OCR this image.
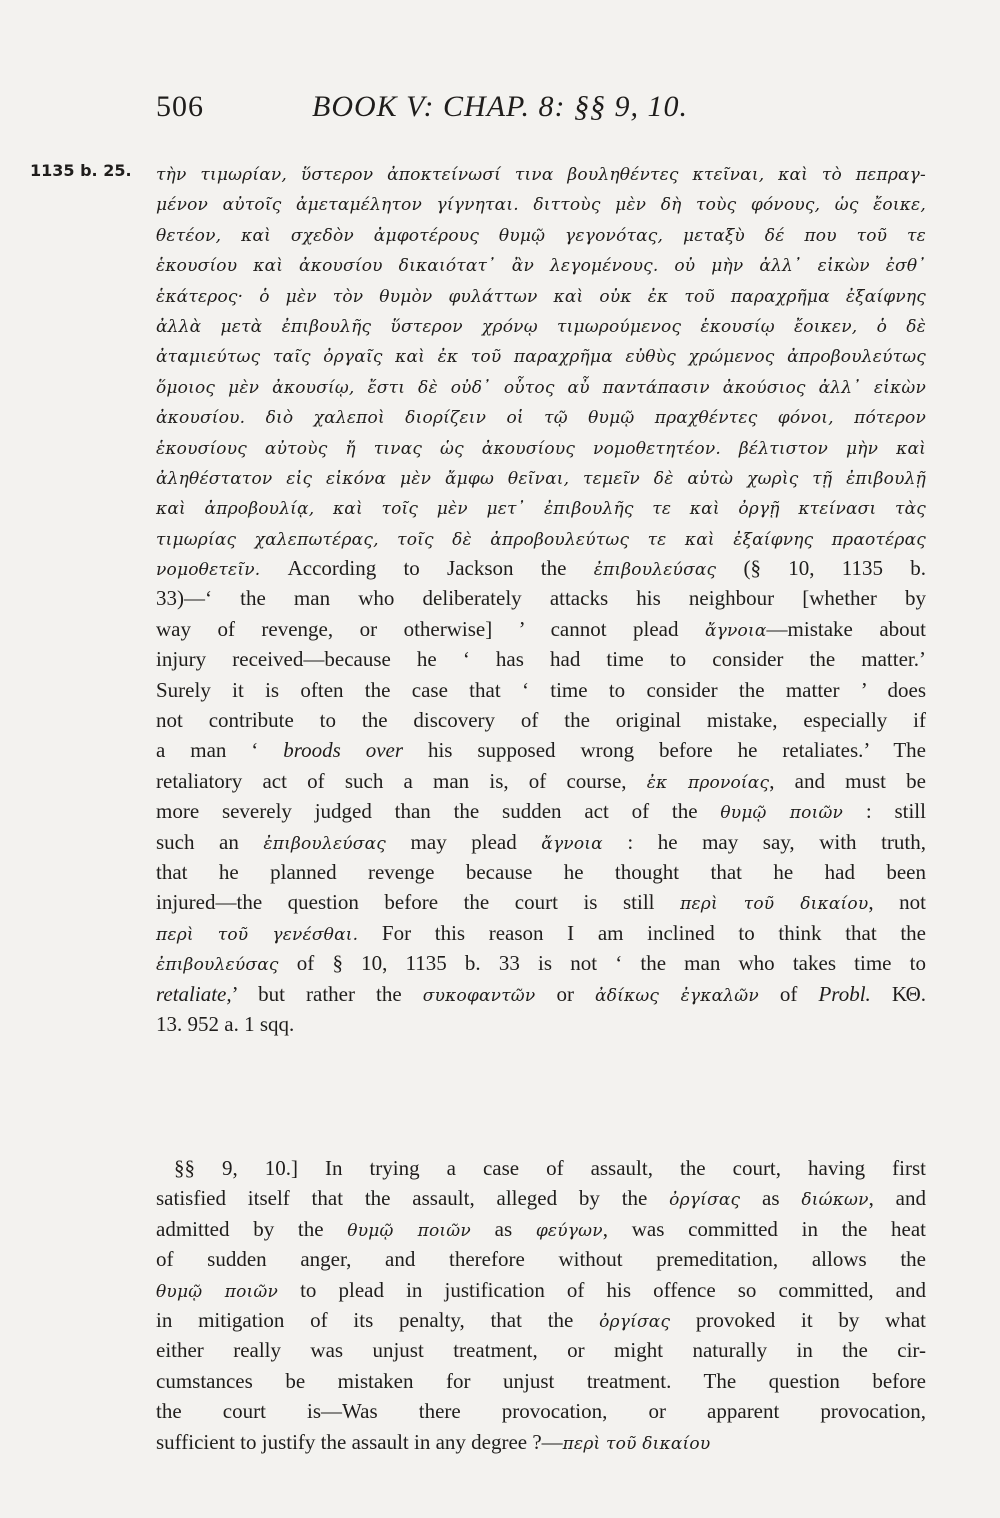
506	BOOK V: CHAP. 8: §§ 9, 10.
1135 b. 25. τὴν τιμωρίαν, ὕστερον ἀποκτείνωσί τινα βουληθέντες κτεῖναι, καὶ τὸ πεπραγ-
μένον αὐτοῖς ἀμεταμέλητον γίγνηται. διττοὺς μὲν δὴ τοὺς φόνους, ὡς ἔοικε,
θετέον, καὶ σχεδὸν ἀμφοτέρους θυμῷ γεγονότας, μεταξὺ δέ που τοῦ τε
ἑκουσίου καὶ ἀκουσίου δικαιότατ᾽ ἂν λεγομένους. οὐ μὴν ἀλλ᾽ εἰκὼν ἐσθ᾽
ἑκάτερος· ὁ μὲν τὸν θυμὸν φυλάττων καὶ οὐκ ἐκ τοῦ παραχρῆμα ἐξαίφνης
ἀλλὰ μετὰ ἐπιβουλῆς ὕστερον χρόνῳ τιμωρούμενος ἑκουσίῳ ἔοικεν, ὁ δὲ
ἀταμιεύτως ταῖς ὀργαῖς καὶ ἐκ τοῦ παραχρῆμα εὐθὺς χρώμενος ἀπροβουλεύτως
ὅμοιος μὲν ἀκουσίῳ, ἔστι δὲ οὐδ᾽ οὗτος αὖ παντάπασιν ἀκούσιος ἀλλ᾽ εἰκὼν
ἀκουσίου. διὸ χαλεποὶ διορίζειν οἱ τῷ θυμῷ πραχθέντες φόνοι, πότερον
ἑκουσίους αὐτοὺς ἤ τινας ὡς ἀκουσίους νομοθετητέον. βέλτιστον μὴν καὶ
ἀληθέστατον εἰς εἰκόνα μὲν ἄμφω θεῖναι, τεμεῖν δὲ αὐτὼ χωρὶς τῇ ἐπιβουλῇ
καὶ ἀπροβουλίᾳ, καὶ τοῖς μὲν μετ᾽ ἐπιβουλῆς τε καὶ ὀργῇ κτείνασι τὰς
τιμωρίας χαλεπωτέρας, τοῖς δὲ ἀπροβουλεύτως τε καὶ ἐξαίφνης πραοτέρας
νομοθετεῖν. According to Jackson the ἐπιβουλεύσας (§ 10, 1135 b.
33)—‘ the man who deliberately attacks his neighbour [whether by
way of revenge, or otherwise] ’ cannot plead ἄγνοια—mistake about
injury received—because he ‘ has had time to consider the matter.’
Surely it is often the case that ‘ time to consider the matter ’ does
not contribute to the discovery of the original mistake, especially if
a man ‘ broods over his supposed wrong before he retaliates.’ The
retaliatory act of such a man is, of course, ἐκ προνοίας, and must be
more severely judged than the sudden act of the θυμῷ ποιῶν : still
such an ἐπιβουλεύσας may plead ἄγνοια : he may say, with truth,
that he planned revenge because he thought that he had been
injured—the question before the court is still περὶ τοῦ δικαίου, not
περὶ τοῦ γενέσθαι. For this reason I am inclined to think that the
ἐπιβουλεύσας of § 10, 1135 b. 33 is not ‘ the man who takes time to
retaliate,’ but rather the συκοφαντῶν or ἀδίκως ἐγκαλῶν of Probl. ΚΘ.
13. 952 a. 1 sqq.
§§ 9, 10.] In trying a case of assault, the court, having first
satisfied itself that the assault, alleged by the ὀργίσας as διώκων, and
admitted by the θυμῷ ποιῶν as φεύγων, was committed in the heat
of sudden anger, and therefore without premeditation, allows the
θυμῷ ποιῶν to plead in justification of his offence so committed, and
in mitigation of its penalty, that the ὀργίσας provoked it by what
either really was unjust treatment, or might naturally in the cir-
cumstances be mistaken for unjust treatment. The question before
the court is—Was there provocation, or apparent provocation,
sufficient to justify the assault in any degree ?—περὶ τοῦ δικαίου
